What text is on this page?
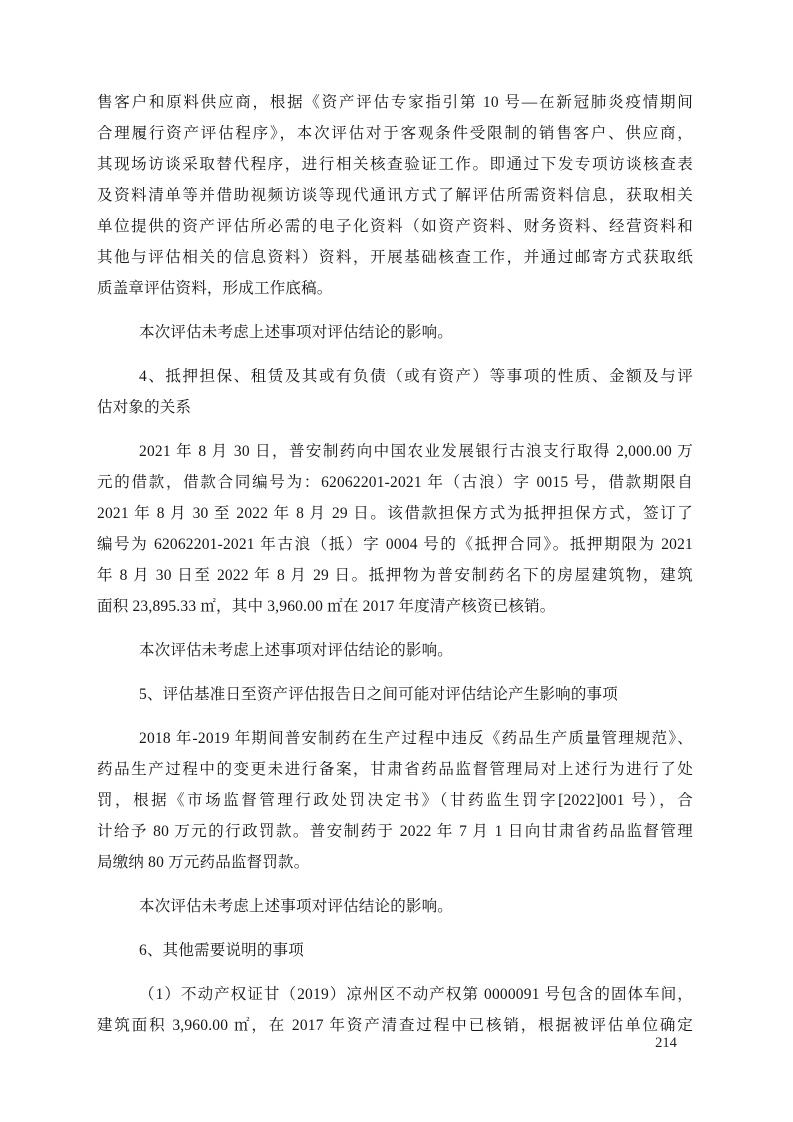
售客户和原料供应商，根据《资产评估专家指引第 10 号—在新冠肺炎疫情期间
合理履行资产评估程序》，本次评估对于客观条件受限制的销售客户、供应商，
其现场访谈采取替代程序，进行相关核查验证工作。即通过下发专项访谈核查表
及资料清单等并借助视频访谈等现代通讯方式了解评估所需资料信息，获取相关
单位提供的资产评估所必需的电子化资料（如资产资料、财务资料、经营资料和
其他与评估相关的信息资料）资料，开展基础核查工作，并通过邮寄方式获取纸
质盖章评估资料，形成工作底稿。
本次评估未考虑上述事项对评估结论的影响。
4、抵押担保、租赁及其或有负债（或有资产）等事项的性质、金额及与评
估对象的关系
2021 年 8 月 30 日，普安制药向中国农业发展银行古浪支行取得 2,000.00 万
元的借款，借款合同编号为：62062201-2021 年（古浪）字 0015 号，借款期限自
2021 年 8 月 30 至 2022 年 8 月 29 日。该借款担保方式为抵押担保方式，签订了
编号为 62062201-2021 年古浪（抵）字 0004 号的《抵押合同》。抵押期限为 2021
年 8 月 30 日至 2022 年 8 月 29 日。抵押物为普安制药名下的房屋建筑物，建筑
面积 23,895.33 ㎡，其中 3,960.00 ㎡在 2017 年度清产核资已核销。
本次评估未考虑上述事项对评估结论的影响。
5、评估基准日至资产评估报告日之间可能对评估结论产生影响的事项
2018 年-2019 年期间普安制药在生产过程中违反《药品生产质量管理规范》、
药品生产过程中的变更未进行备案，甘肃省药品监督管理局对上述行为进行了处
罚，根据《市场监督管理行政处罚决定书》（甘药监生罚字[2022]001 号），合
计给予 80 万元的行政罚款。普安制药于 2022 年 7 月 1 日向甘肃省药品监督管理
局缴纳 80 万元药品监督罚款。
本次评估未考虑上述事项对评估结论的影响。
6、其他需要说明的事项
（1）不动产权证甘（2019）凉州区不动产权第 0000091 号包含的固体车间，
建筑面积 3,960.00 ㎡，在 2017 年资产清查过程中已核销，根据被评估单位确定
214
